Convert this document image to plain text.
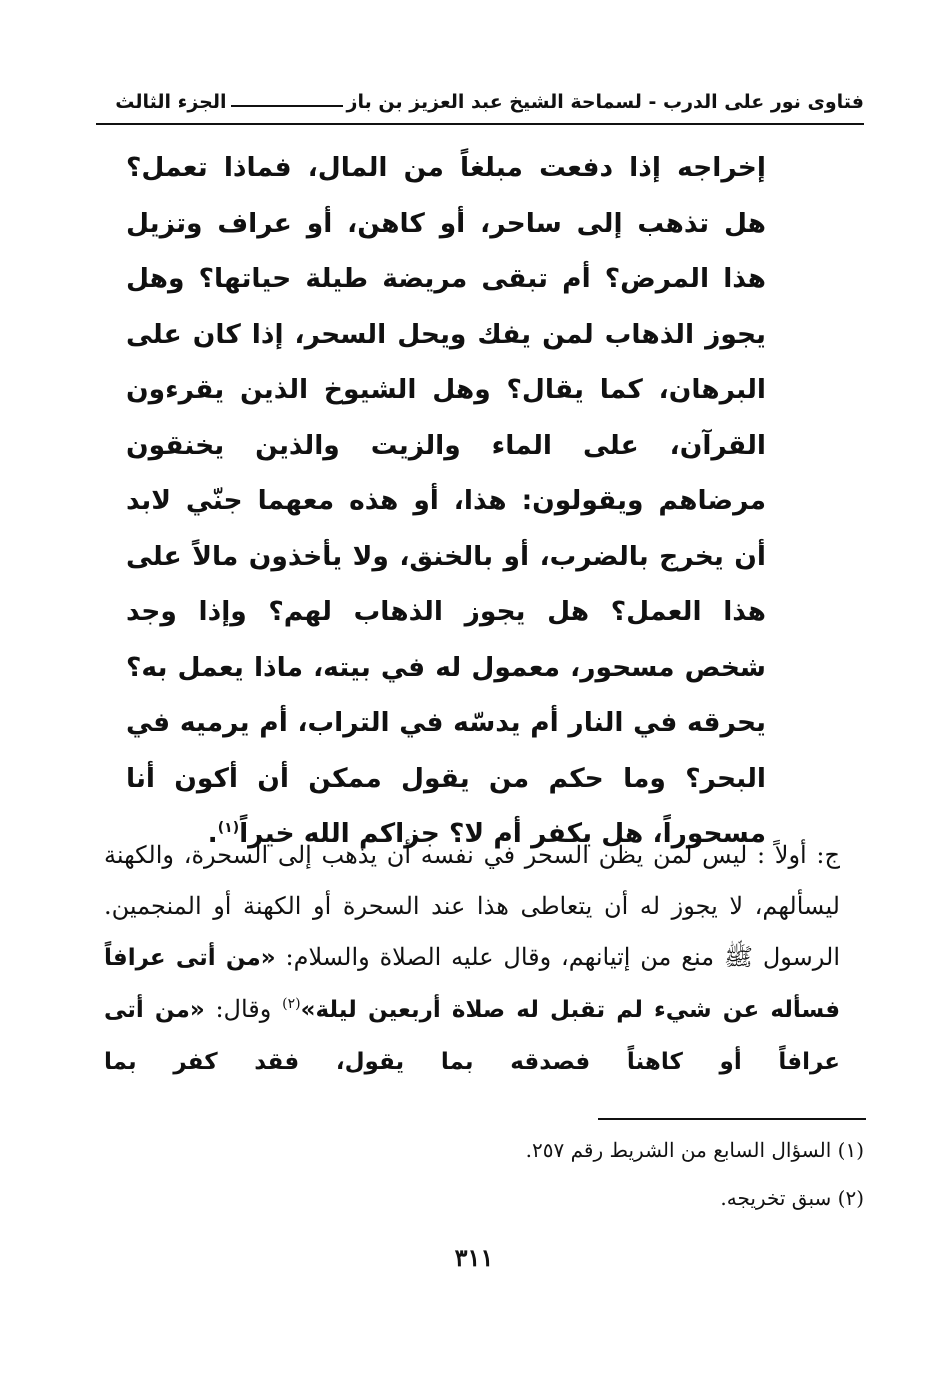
فتاوى نور على الدرب - لسماحة الشيخ عبد العزيز بن باز
الجزء الثالث
إخراجه إذا دفعت مبلغاً من المال، فماذا تعمل؟ هل تذهب إلى ساحر، أو كاهن، أو عراف وتزيل هذا المرض؟ أم تبقى مريضة طيلة حياتها؟ وهل يجوز الذهاب لمن يفك ويحل السحر، إذا كان على البرهان، كما يقال؟ وهل الشيوخ الذين يقرءون القرآن، على الماء والزيت والذين يخنقون مرضاهم ويقولون: هذا، أو هذه معهما جنّي لابد أن يخرج بالضرب، أو بالخنق، ولا يأخذون مالاً على هذا العمل؟ هل يجوز الذهاب لهم؟ وإذا وجد شخص مسحور، معمول له في بيته، ماذا يعمل به؟ يحرقه في النار أم يدسّه في التراب، أم يرميه في البحر؟ وما حكم من يقول ممكن أن أكون أنا مسحوراً، هل يكفر أم لا؟ جزاكم الله خيراً$^{(١)}$.
ج: أولاً : ليس لمن يظن السحر في نفسه أن يذهب إلى السحرة، والكهنة ليسألهم، لا يجوز له أن يتعاطى هذا عند السحرة أو الكهنة أو المنجمين. الرسول ﷺ منع من إتيانهم، وقال عليه الصلاة والسلام: «من أتى عرافاً فسأله عن شيء لم تقبل له صلاة أربعين ليلة»$^{(٢)}$ وقال: «من أتى عرافاً أو كاهناً فصدقه بما يقول، فقد كفر بما
(١) السؤال السابع من الشريط رقم ٢٥٧.
(٢) سبق تخريجه.
٣١١
